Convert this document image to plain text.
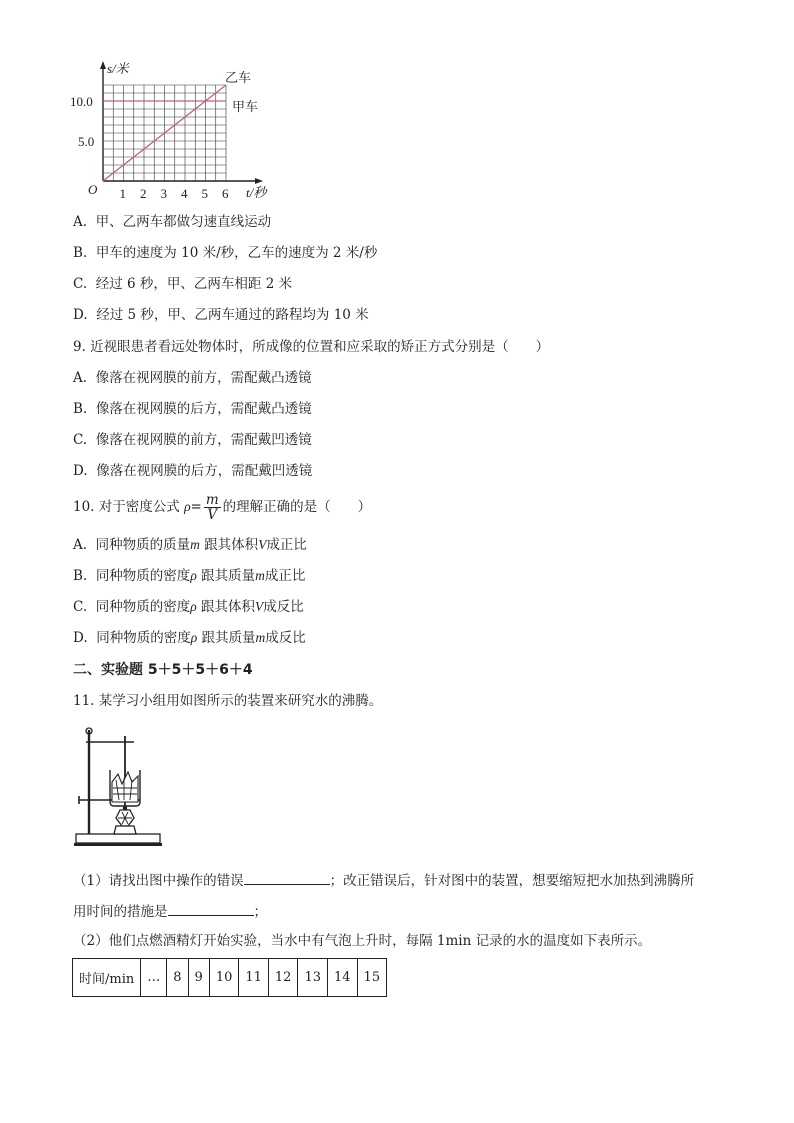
s/米
t/秒
O
10.0
5.0
1 2 3 4 5 6
乙车
甲车
A. 甲、乙两车都做匀速直线运动
B. 甲车的速度为 10 米/秒，乙车的速度为 2 米/秒
C. 经过 6 秒，甲、乙两车相距 2 米
D. 经过 5 秒，甲、乙两车通过的路程均为 10 米
9. 近视眼患者看远处物体时，所成像的位置和应采取的矫正方式分别是（　　）
A. 像落在视网膜的前方，需配戴凸透镜
B. 像落在视网膜的后方，需配戴凸透镜
C. 像落在视网膜的前方，需配戴凹透镜
D. 像落在视网膜的后方，需配戴凹透镜
10. 对于密度公式 $\rho= \frac{m}{V}$ 的理解正确的是（　　）
A. 同种物质的质量m 跟其体积V成正比
B. 同种物质的密度ρ 跟其质量m成正比
C. 同种物质的密度ρ 跟其体积V成反比
D. 同种物质的密度ρ 跟其质量m成反比
二、实验题 5＋5＋5＋6＋4
11. 某学习小组用如图所示的装置来研究水的沸腾。
（1）请找出图中操作的错误	；改正错误后，针对图中的装置，想要缩短把水加热到沸腾所
用时间的措施是	；
（2）他们点燃酒精灯开始实验，当水中有气泡上升时，每隔 1min 记录的水的温度如下表所示。
时间/min	…	8	9	10	11	12	13	14	15
